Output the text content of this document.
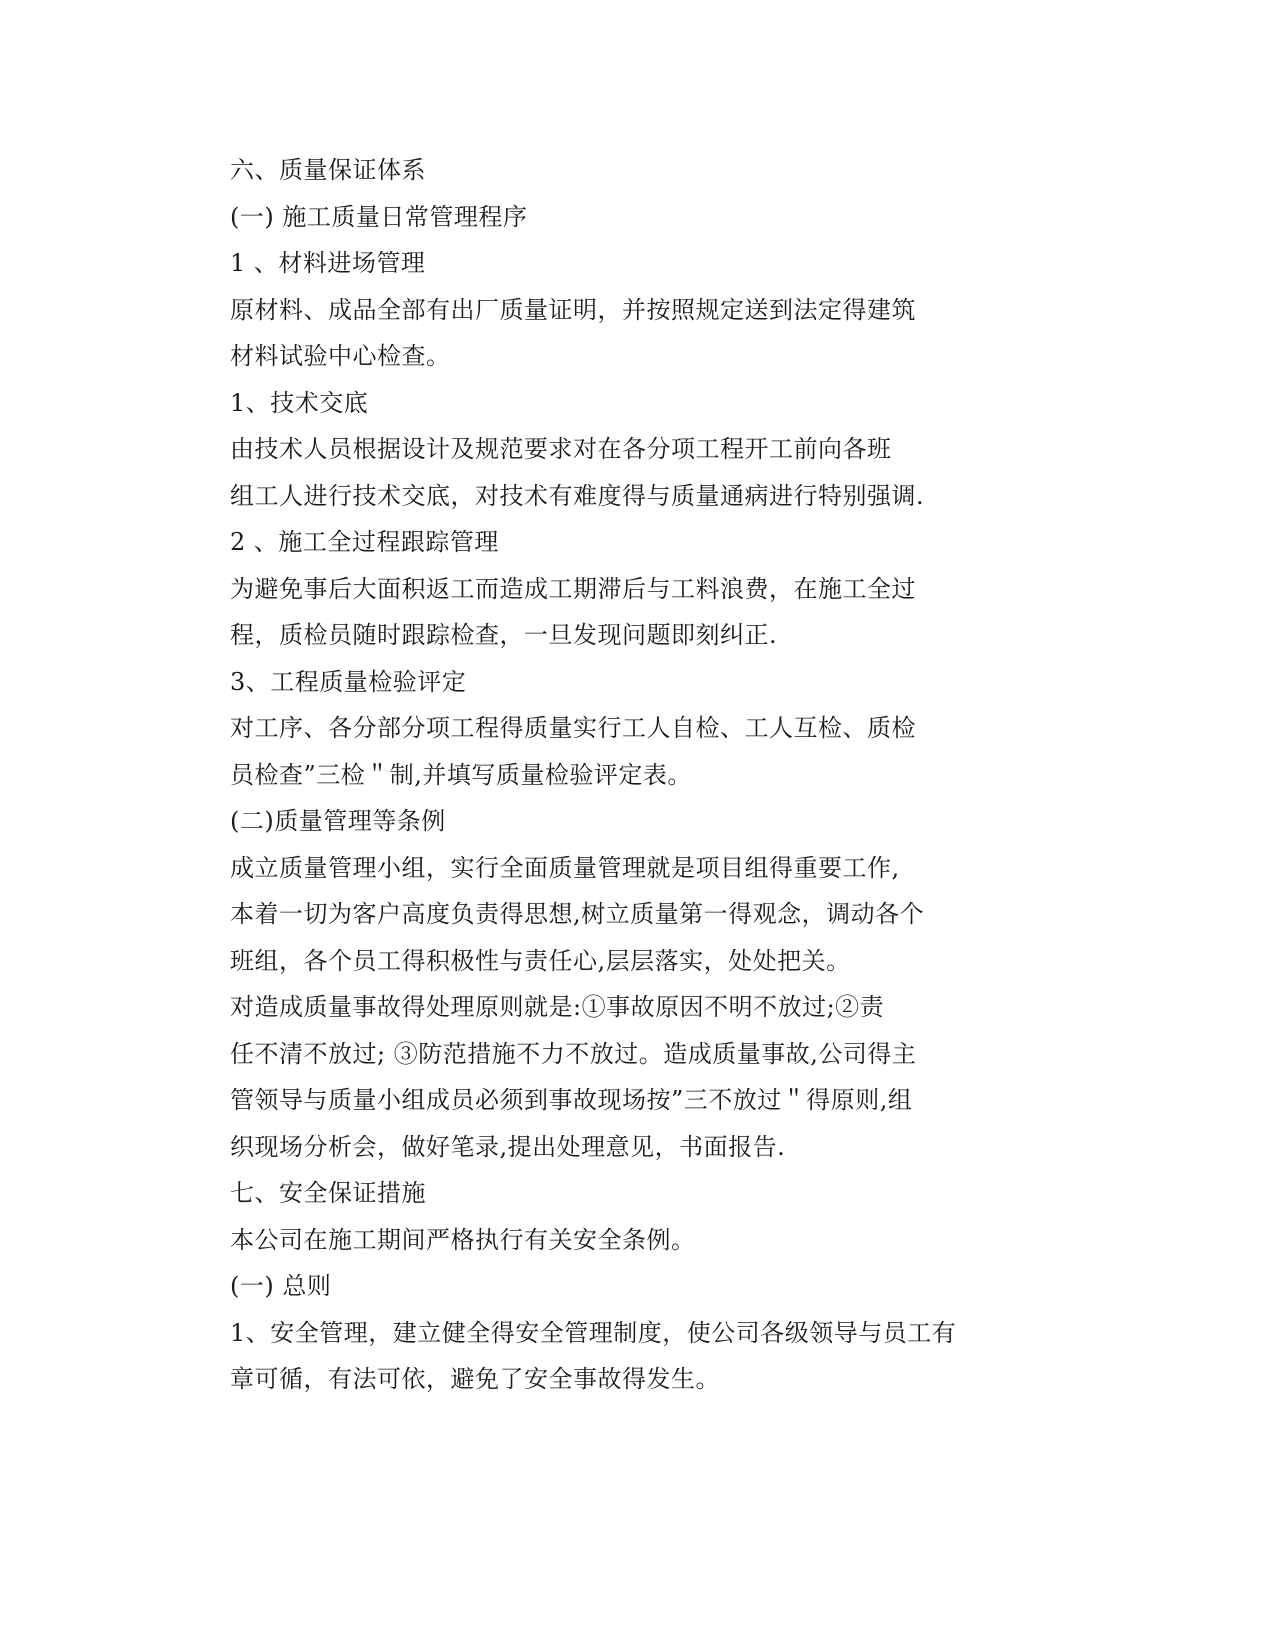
六、质量保证体系
(一) 施工质量日常管理程序
1 、材料进场管理
原材料、成品全部有出厂质量证明，并按照规定送到法定得建筑
材料试验中心检查。
1、技术交底
由技术人员根据设计及规范要求对在各分项工程开工前向各班
组工人进行技术交底，对技术有难度得与质量通病进行特别强调.
2 、施工全过程跟踪管理
为避免事后大面积返工而造成工期滞后与工料浪费，在施工全过
程，质检员随时跟踪检查，一旦发现问题即刻纠正.
3、工程质量检验评定
对工序、各分部分项工程得质量实行工人自检、工人互检、质检
员检查”三检＂制,并填写质量检验评定表。
(二)质量管理等条例
成立质量管理小组，实行全面质量管理就是项目组得重要工作,
本着一切为客户高度负责得思想,树立质量第一得观念，调动各个
班组，各个员工得积极性与责任心,层层落实，处处把关。
对造成质量事故得处理原则就是:①事故原因不明不放过;②责
任不清不放过; ③防范措施不力不放过。造成质量事故,公司得主
管领导与质量小组成员必须到事故现场按”三不放过＂得原则,组
织现场分析会，做好笔录,提出处理意见，书面报告.
七、安全保证措施
本公司在施工期间严格执行有关安全条例。
(一) 总则
1、安全管理，建立健全得安全管理制度，使公司各级领导与员工有
章可循，有法可依，避免了安全事故得发生。
